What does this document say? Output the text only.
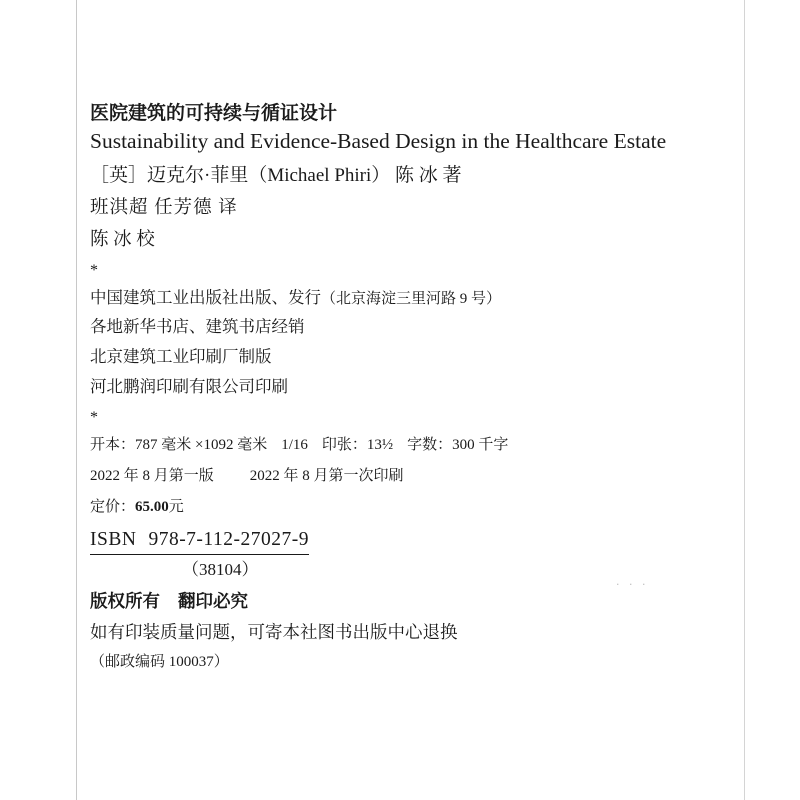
医院建筑的可持续与循证设计
Sustainability and Evidence-Based Design in the Healthcare Estate
［英］迈克尔·菲里（Michael Phiri） 陈 冰 著
班淇超 任芳德 译
陈 冰 校
*
中国建筑工业出版社出版、发行（北京海淀三里河路 9 号）
各地新华书店、建筑书店经销
北京建筑工业印刷厂制版
河北鹏润印刷有限公司印刷
*
开本：787 毫米 ×1092 毫米 1/16 印张：13½ 字数：300 千字
2022 年 8 月第一版 2022 年 8 月第一次印刷
定价：65.00元
ISBN 978-7-112-27027-9
（38104）
版权所有 翻印必究
如有印装质量问题，可寄本社图书出版中心退换
（邮政编码 100037）
· · ·
